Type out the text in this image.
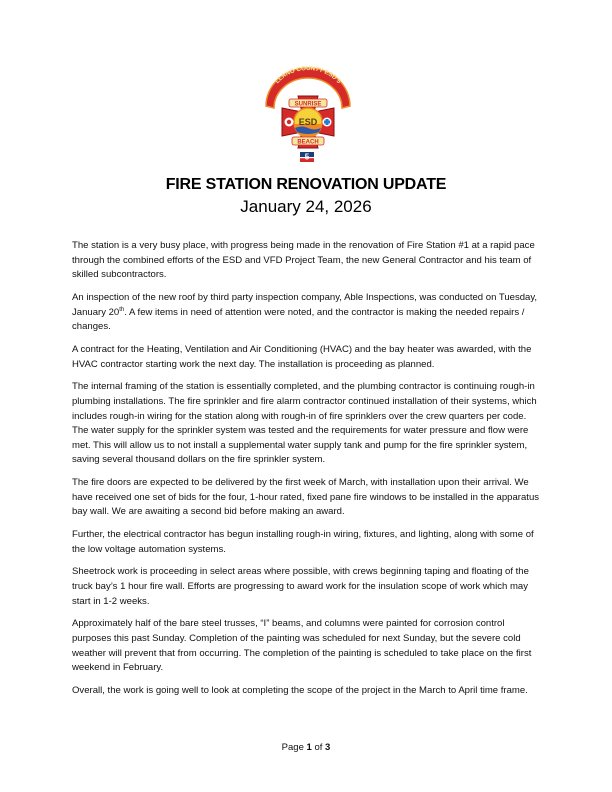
LLANO COUNTY ESD 5
ESD
SUNRISE
BEACH
5
FIRE STATION RENOVATION UPDATE
January 24, 2026

The station is a very busy place, with progress being made in the renovation of Fire Station #1 at a rapid pace through the combined efforts of the ESD and VFD Project Team, the new General Contractor and his team of skilled subcontractors.

An inspection of the new roof by third party inspection company, Able Inspections, was conducted on Tuesday, January 20th. A few items in need of attention were noted, and the contractor is making the needed repairs / changes.

A contract for the Heating, Ventilation and Air Conditioning (HVAC) and the bay heater was awarded, with the HVAC contractor starting work the next day. The installation is proceeding as planned.

The internal framing of the station is essentially completed, and the plumbing contractor is continuing rough-in plumbing installations. The fire sprinkler and fire alarm contractor continued installation of their systems, which includes rough-in wiring for the station along with rough-in of fire sprinklers over the crew quarters per code. The water supply for the sprinkler system was tested and the requirements for water pressure and flow were met. This will allow us to not install a supplemental water supply tank and pump for the fire sprinkler system, saving several thousand dollars on the fire sprinkler system.

The fire doors are expected to be delivered by the first week of March, with installation upon their arrival. We have received one set of bids for the four, 1-hour rated, fixed pane fire windows to be installed in the apparatus bay wall. We are awaiting a second bid before making an award.

Further, the electrical contractor has begun installing rough-in wiring, fixtures, and lighting, along with some of the low voltage automation systems.

Sheetrock work is proceeding in select areas where possible, with crews beginning taping and floating of the truck bay’s 1 hour fire wall. Efforts are progressing to award work for the insulation scope of work which may start in 1-2 weeks.

Approximately half of the bare steel trusses, “I” beams, and columns were painted for corrosion control purposes this past Sunday. Completion of the painting was scheduled for next Sunday, but the severe cold weather will prevent that from occurring. The completion of the painting is scheduled to take place on the first weekend in February.

Overall, the work is going well to look at completing the scope of the project in the March to April time frame.

Page 1 of 3
